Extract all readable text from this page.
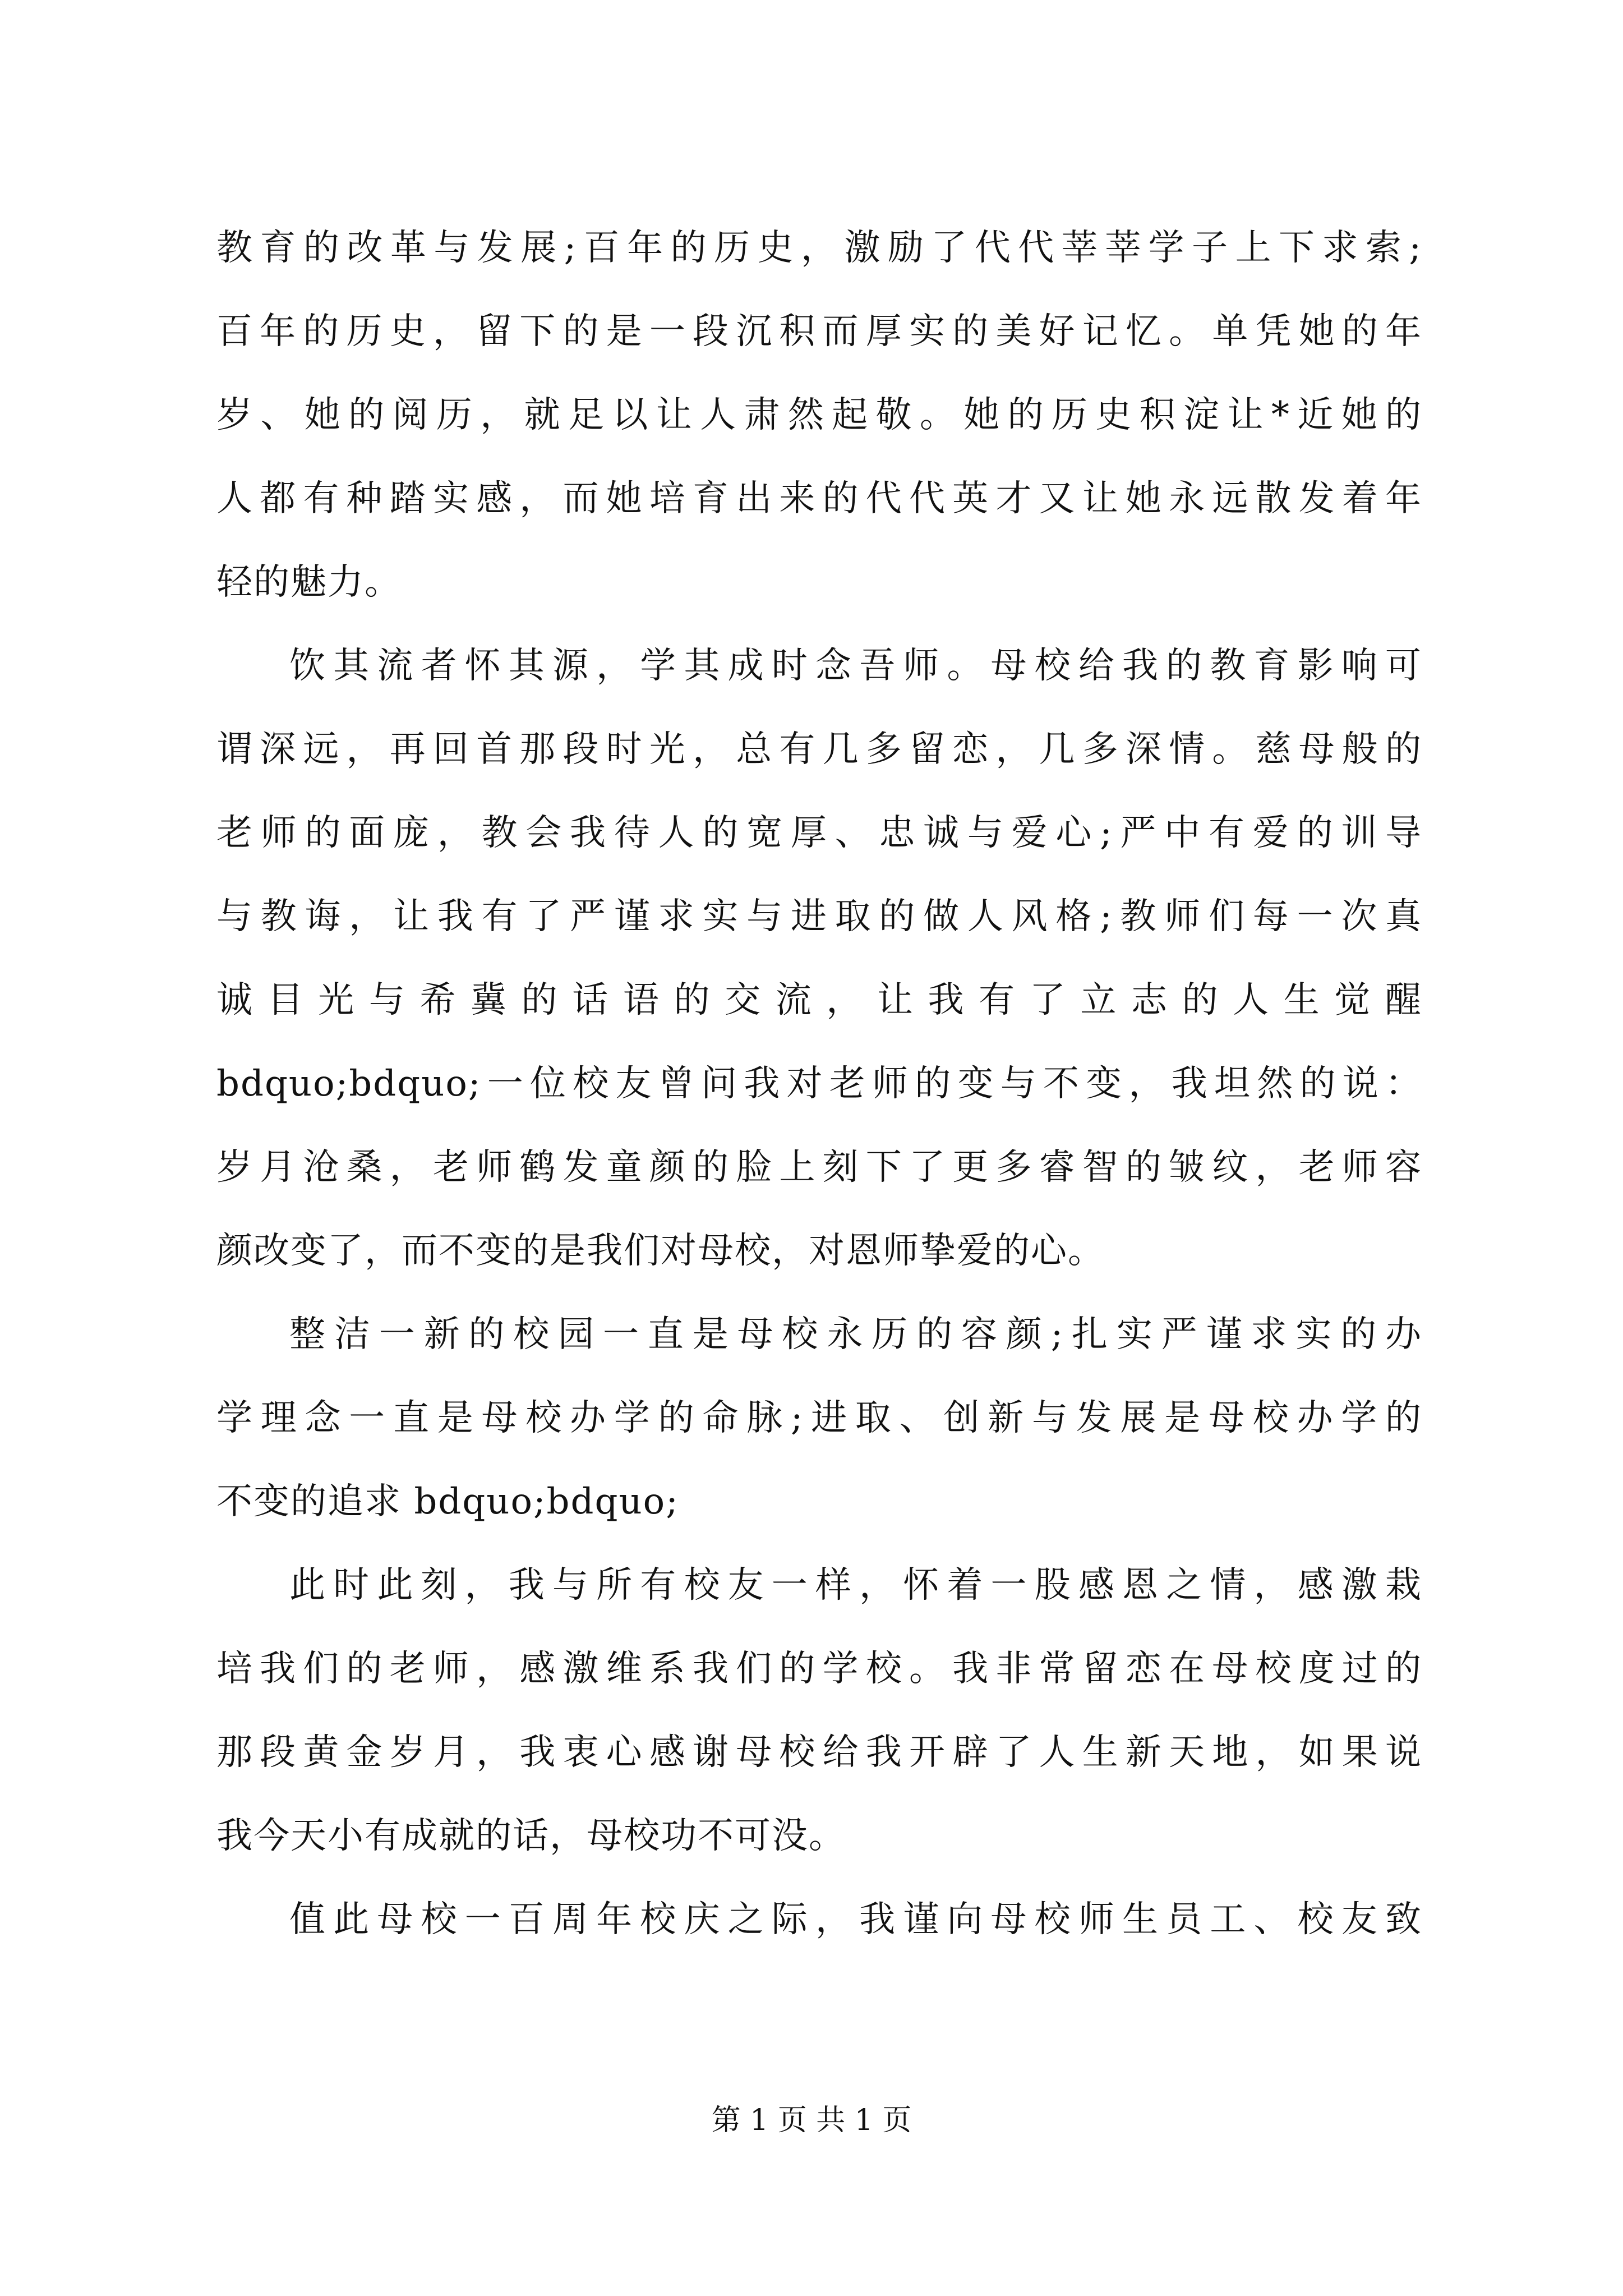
教育的改革与发展;百年的历史，激励了代代莘莘学子上下求索;
百年的历史，留下的是一段沉积而厚实的美好记忆。单凭她的年
岁、她的阅历，就足以让人肃然起敬。她的历史积淀让*近她的
人都有种踏实感，而她培育出来的代代英才又让她永远散发着年
轻的魅力。
饮其流者怀其源，学其成时念吾师。母校给我的教育影响可
谓深远，再回首那段时光，总有几多留恋，几多深情。慈母般的
老师的面庞，教会我待人的宽厚、忠诚与爱心;严中有爱的训导
与教诲，让我有了严谨求实与进取的做人风格;教师们每一次真
诚目光与希冀的话语的交流，让我有了立志的人生觉醒
bdquo;bdquo;一位校友曾问我对老师的变与不变，我坦然的说：
岁月沧桑，老师鹤发童颜的脸上刻下了更多睿智的皱纹，老师容
颜改变了，而不变的是我们对母校，对恩师挚爱的心。
整洁一新的校园一直是母校永历的容颜;扎实严谨求实的办
学理念一直是母校办学的命脉;进取、创新与发展是母校办学的
不变的追求 bdquo;bdquo;
此时此刻，我与所有校友一样，怀着一股感恩之情，感激栽
培我们的老师，感激维系我们的学校。我非常留恋在母校度过的
那段黄金岁月，我衷心感谢母校给我开辟了人生新天地，如果说
我今天小有成就的话，母校功不可没。
值此母校一百周年校庆之际，我谨向母校师生员工、校友致
第 1 页 共 1 页
